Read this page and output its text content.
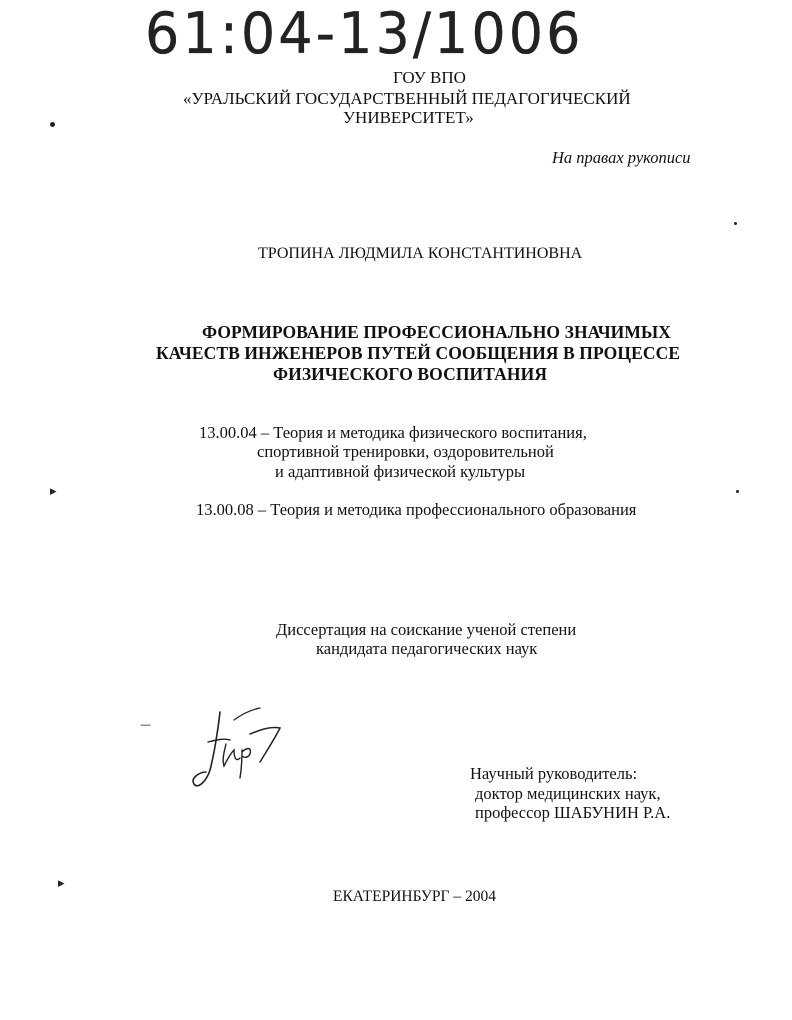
61:04-13/1006
ГОУ ВПО
«УРАЛЬСКИЙ ГОСУДАРСТВЕННЫЙ ПЕДАГОГИЧЕСКИЙ
УНИВЕРСИТЕТ»
На правах рукописи
ТРОПИНА ЛЮДМИЛА КОНСТАНТИНОВНА
ФОРМИРОВАНИЕ ПРОФЕССИОНАЛЬНО ЗНАЧИМЫХ
КАЧЕСТВ ИНЖЕНЕРОВ ПУТЕЙ СООБЩЕНИЯ В ПРОЦЕССЕ
ФИЗИЧЕСКОГО ВОСПИТАНИЯ
13.00.04 – Теория и методика физического воспитания,
спортивной тренировки, оздоровительной
и адаптивной физической культуры
13.00.08 – Теория и методика профессионального образования
Диссертация на соискание ученой степени
кандидата педагогических наук
Научный руководитель:
доктор медицинских наук,
профессор ШАБУНИН Р.А.
ЕКАТЕРИНБУРГ – 2004
▸
—
▸
